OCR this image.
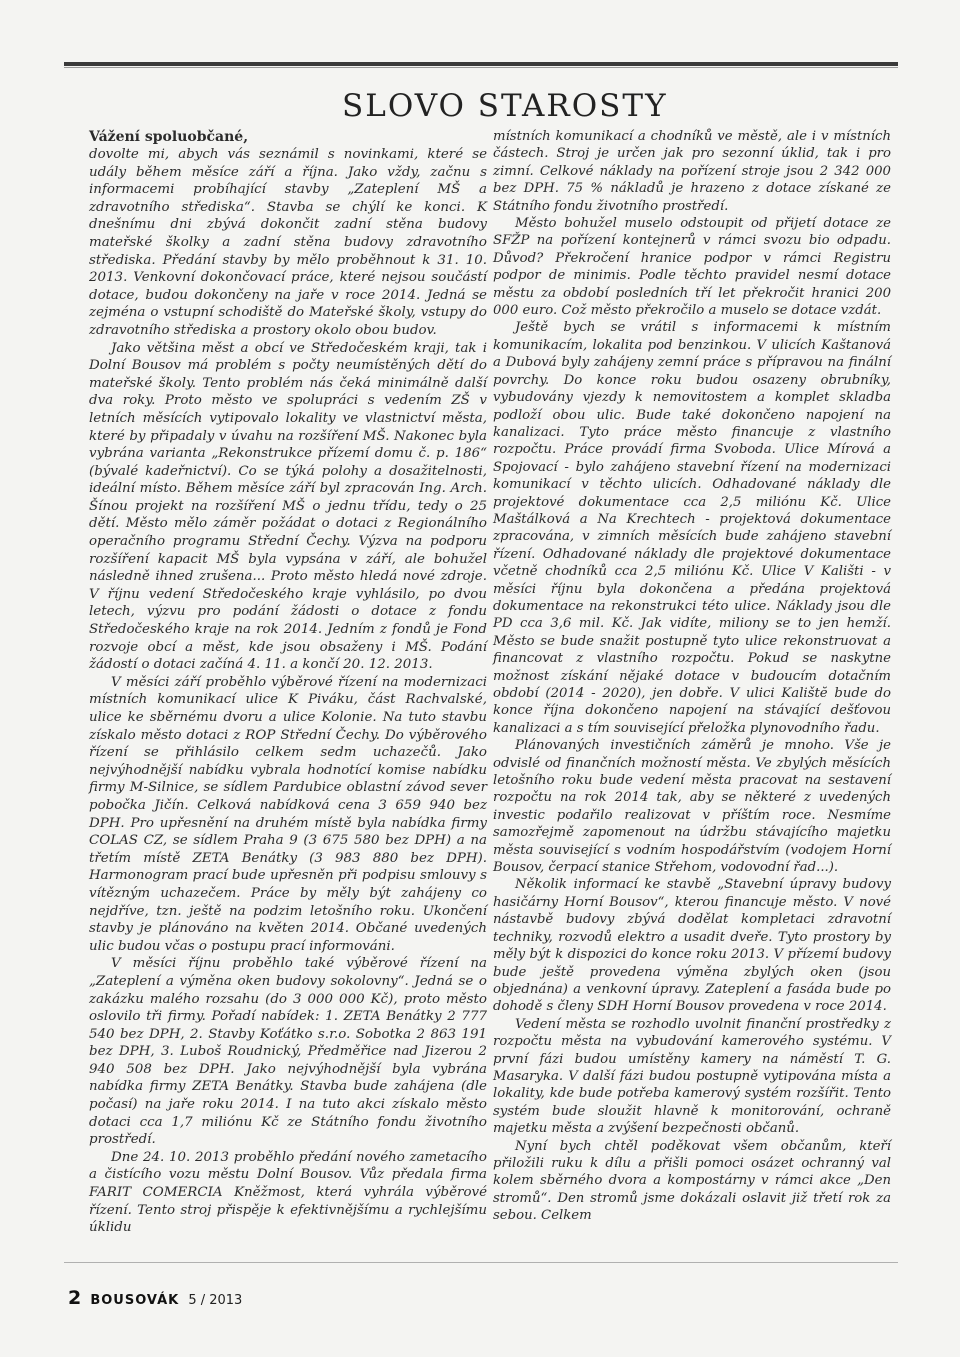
SLOVO STAROSTY

Vážení spoluobčané,

dovolte mi, abych vás seznámil s novinkami, které se udály během měsíce září a října. Jako vždy, začnu s informacemi probíhající stavby „Zateplení MŠ a zdravotního střediska“. Stavba se chýlí ke konci. K dnešnímu dni zbývá dokončit zadní stěna budovy mateřské školky a zadní stěna budovy zdravotního střediska. Předání stavby by mělo proběhnout k 31. 10. 2013. Venkovní dokončovací práce, které nejsou součástí dotace, budou dokončeny na jaře v roce 2014. Jedná se zejména o vstupní schodiště do Mateřské školy, vstupy do zdravotního střediska a prostory okolo obou budov.

Jako většina měst a obcí ve Středočeském kraji, tak i Dolní Bousov má problém s počty neumístěných dětí do mateřské školy. Tento problém nás čeká minimálně další dva roky. Proto město ve spolupráci s vedením ZŠ v letních měsících vytipovalo lokality ve vlastnictví města, které by připadaly v úvahu na rozšíření MŠ. Nakonec byla vybrána varianta „Rekonstrukce přízemí domu č. p. 186“ (bývalé kadeřnictví). Co se týká polohy a dosažitelnosti, ideální místo. Během měsíce září byl zpracován Ing. Arch. Šínou projekt na rozšíření MŠ o jednu třídu, tedy o 25 dětí. Město mělo záměr požádat o dotaci z Regionálního operačního programu Střední Čechy. Výzva na podporu rozšíření kapacit MŠ byla vypsána v září, ale bohužel následně ihned zrušena... Proto město hledá nové zdroje. V říjnu vedení Středočeského kraje vyhlásilo, po dvou letech, výzvu pro podání žádosti o dotace z fondu Středočeského kraje na rok 2014. Jedním z fondů je Fond rozvoje obcí a měst, kde jsou obsaženy i MŠ. Podání žádostí o dotaci začíná 4. 11. a končí 20. 12. 2013.

V měsíci září proběhlo výběrové řízení na modernizaci místních komunikací ulice K Piváku, část Rachvalské, ulice ke sběrnému dvoru a ulice Kolonie. Na tuto stavbu získalo město dotaci z ROP Střední Čechy. Do výběrového řízení se přihlásilo celkem sedm uchazečů. Jako nejvýhodnější nabídku vybrala hodnotící komise nabídku firmy M-Silnice, se sídlem Pardubice oblastní závod sever pobočka Jičín. Celková nabídková cena 3 659 940 bez DPH. Pro upřesnění na druhém místě byla nabídka firmy COLAS CZ, se sídlem Praha 9 (3 675 580 bez DPH) a na třetím místě ZETA Benátky (3 983 880 bez DPH). Harmonogram prací bude upřesněn při podpisu smlouvy s vítězným uchazečem. Práce by měly být zahájeny co nejdříve, tzn. ještě na podzim letošního roku. Ukončení stavby je plánováno na květen 2014. Občané uvedených ulic budou včas o postupu prací informováni.

V měsíci říjnu proběhlo také výběrové řízení na „Zateplení a výměna oken budovy sokolovny“. Jedná se o zakázku malého rozsahu (do 3 000 000 Kč), proto město oslovilo tři firmy. Pořadí nabídek: 1. ZETA Benátky 2 777 540 bez DPH, 2. Stavby Koťátko s.r.o. Sobotka 2 863 191 bez DPH, 3. Luboš Roudnický, Předměřice nad Jizerou 2 940 508 bez DPH. Jako nejvýhodnější byla vybrána nabídka firmy ZETA Benátky. Stavba bude zahájena (dle počasí) na jaře roku 2014. I na tuto akci získalo město dotaci cca 1,7 miliónu Kč ze Státního fondu životního prostředí.

Dne 24. 10. 2013 proběhlo předání nového zametacího a čistícího vozu městu Dolní Bousov. Vůz předala firma FARIT COMERCIA Kněžmost, která vyhrála výběrové řízení. Tento stroj přispěje k efektivnějšímu a rychlejšímu úklidu

místních komunikací a chodníků ve městě, ale i v místních částech. Stroj je určen jak pro sezonní úklid, tak i pro zimní. Celkové náklady na pořízení stroje jsou 2 342 000 bez DPH. 75 % nákladů je hrazeno z dotace získané ze Státního fondu životního prostředí.

Město bohužel muselo odstoupit od přijetí dotace ze SFŽP na pořízení kontejnerů v rámci svozu bio odpadu. Důvod? Překročení hranice podpor v rámci Registru podpor de minimis. Podle těchto pravidel nesmí dotace městu za období posledních tří let překročit hranici 200 000 euro. Což město překročilo a muselo se dotace vzdát.

Ještě bych se vrátil s informacemi k místním komunikacím, lokalita pod benzinkou. V ulicích Kaštanová a Dubová byly zahájeny zemní práce s přípravou na finální povrchy. Do konce roku budou osazeny obrubníky, vybudovány vjezdy k nemovitostem a komplet skladba podloží obou ulic. Bude také dokončeno napojení na kanalizaci. Tyto práce město financuje z vlastního rozpočtu. Práce provádí firma Svoboda. Ulice Mírová a Spojovací - bylo zahájeno stavební řízení na modernizaci komunikací v těchto ulicích. Odhadované náklady dle projektové dokumentace cca 2,5 miliónu Kč. Ulice Maštálková a Na Krechtech - projektová dokumentace zpracována, v zimních měsících bude zahájeno stavební řízení. Odhadované náklady dle projektové dokumentace včetně chodníků cca 2,5 miliónu Kč. Ulice V Kališti - v měsíci říjnu byla dokončena a předána projektová dokumentace na rekonstrukci této ulice. Náklady jsou dle PD cca 3,6 mil. Kč. Jak vidíte, miliony se to jen hemží. Město se bude snažit postupně tyto ulice rekonstruovat a financovat z vlastního rozpočtu. Pokud se naskytne možnost získání nějaké dotace v budoucím dotačním období (2014 - 2020), jen dobře. V ulici Kalištĕ bude do konce října dokončeno napojení na stávající dešťovou kanalizaci a s tím související přeložka plynovodního řadu.

Plánovaných investičních záměrů je mnoho. Vše je odvislé od finančních možností města. Ve zbylých měsících letošního roku bude vedení města pracovat na sestavení rozpočtu na rok 2014 tak, aby se některé z uvedených investic podařilo realizovat v příštím roce. Nesmíme samozřejmě zapomenout na údržbu stávajícího majetku města související s vodním hospodářstvím (vodojem Horní Bousov, čerpací stanice Střehom, vodovodní řad...).

Několik informací ke stavbě „Stavební úpravy budovy hasičárny Horní Bousov“, kterou financuje město. V nové nástavbě budovy zbývá dodělat kompletaci zdravotní techniky, rozvodů elektro a usadit dveře. Tyto prostory by měly být k dispozici do konce roku 2013. V přízemí budovy bude ještě provedena výměna zbylých oken (jsou objednána) a venkovní úpravy. Zateplení a fasáda bude po dohodě s členy SDH Horní Bousov provedena v roce 2014.

Vedení města se rozhodlo uvolnit finanční prostředky z rozpočtu města na vybudování kamerového systému. V první fázi budou umístěny kamery na náměstí T. G. Masaryka. V další fázi budou postupně vytipována místa a lokality, kde bude potřeba kamerový systém rozšířit. Tento systém bude sloužit hlavně k monitorování, ochraně majetku města a zvýšení bezpečnosti občanů.

Nyní bych chtěl poděkovat všem občanům, kteří přiložili ruku k dílu a přišli pomoci osázet ochranný val kolem sběrného dvora a kompostárny v rámci akce „Den stromů“. Den stromů jsme dokázali oslavit již třetí rok za sebou. Celkem

2 BOUSOVÁK 5 / 2013
